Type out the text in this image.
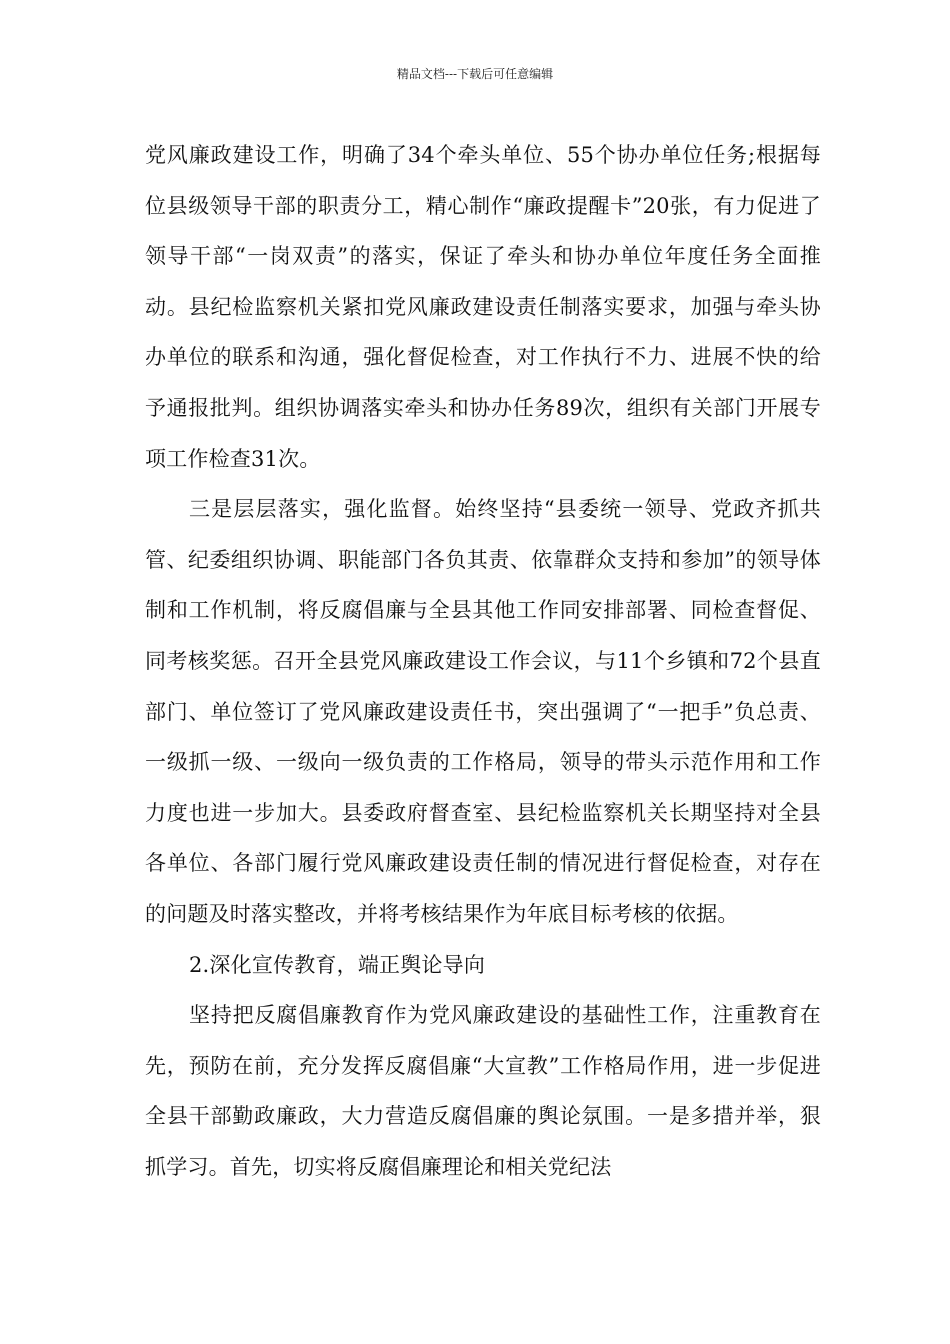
精品文档---下载后可任意编辑

党风廉政建设工作，明确了34个牵头单位、55个协办单位任务;根据每位县级领导干部的职责分工，精心制作“廉政提醒卡”20张，有力促进了领导干部“一岗双责”的落实，保证了牵头和协办单位年度任务全面推动。县纪检监察机关紧扣党风廉政建设责任制落实要求，加强与牵头协办单位的联系和沟通，强化督促检查，对工作执行不力、进展不快的给予通报批判。组织协调落实牵头和协办任务89次，组织有关部门开展专项工作检查31次。

三是层层落实，强化监督。始终坚持“县委统一领导、党政齐抓共管、纪委组织协调、职能部门各负其责、依靠群众支持和参加”的领导体制和工作机制，将反腐倡廉与全县其他工作同安排部署、同检查督促、同考核奖惩。召开全县党风廉政建设工作会议，与11个乡镇和72个县直部门、单位签订了党风廉政建设责任书，突出强调了“一把手”负总责、一级抓一级、一级向一级负责的工作格局，领导的带头示范作用和工作力度也进一步加大。县委政府督查室、县纪检监察机关长期坚持对全县各单位、各部门履行党风廉政建设责任制的情况进行督促检查，对存在的问题及时落实整改，并将考核结果作为年底目标考核的依据。

2.深化宣传教育，端正舆论导向

坚持把反腐倡廉教育作为党风廉政建设的基础性工作，注重教育在先，预防在前，充分发挥反腐倡廉“大宣教”工作格局作用，进一步促进全县干部勤政廉政，大力营造反腐倡廉的舆论氛围。一是多措并举，狠抓学习。首先，切实将反腐倡廉理论和相关党纪法
